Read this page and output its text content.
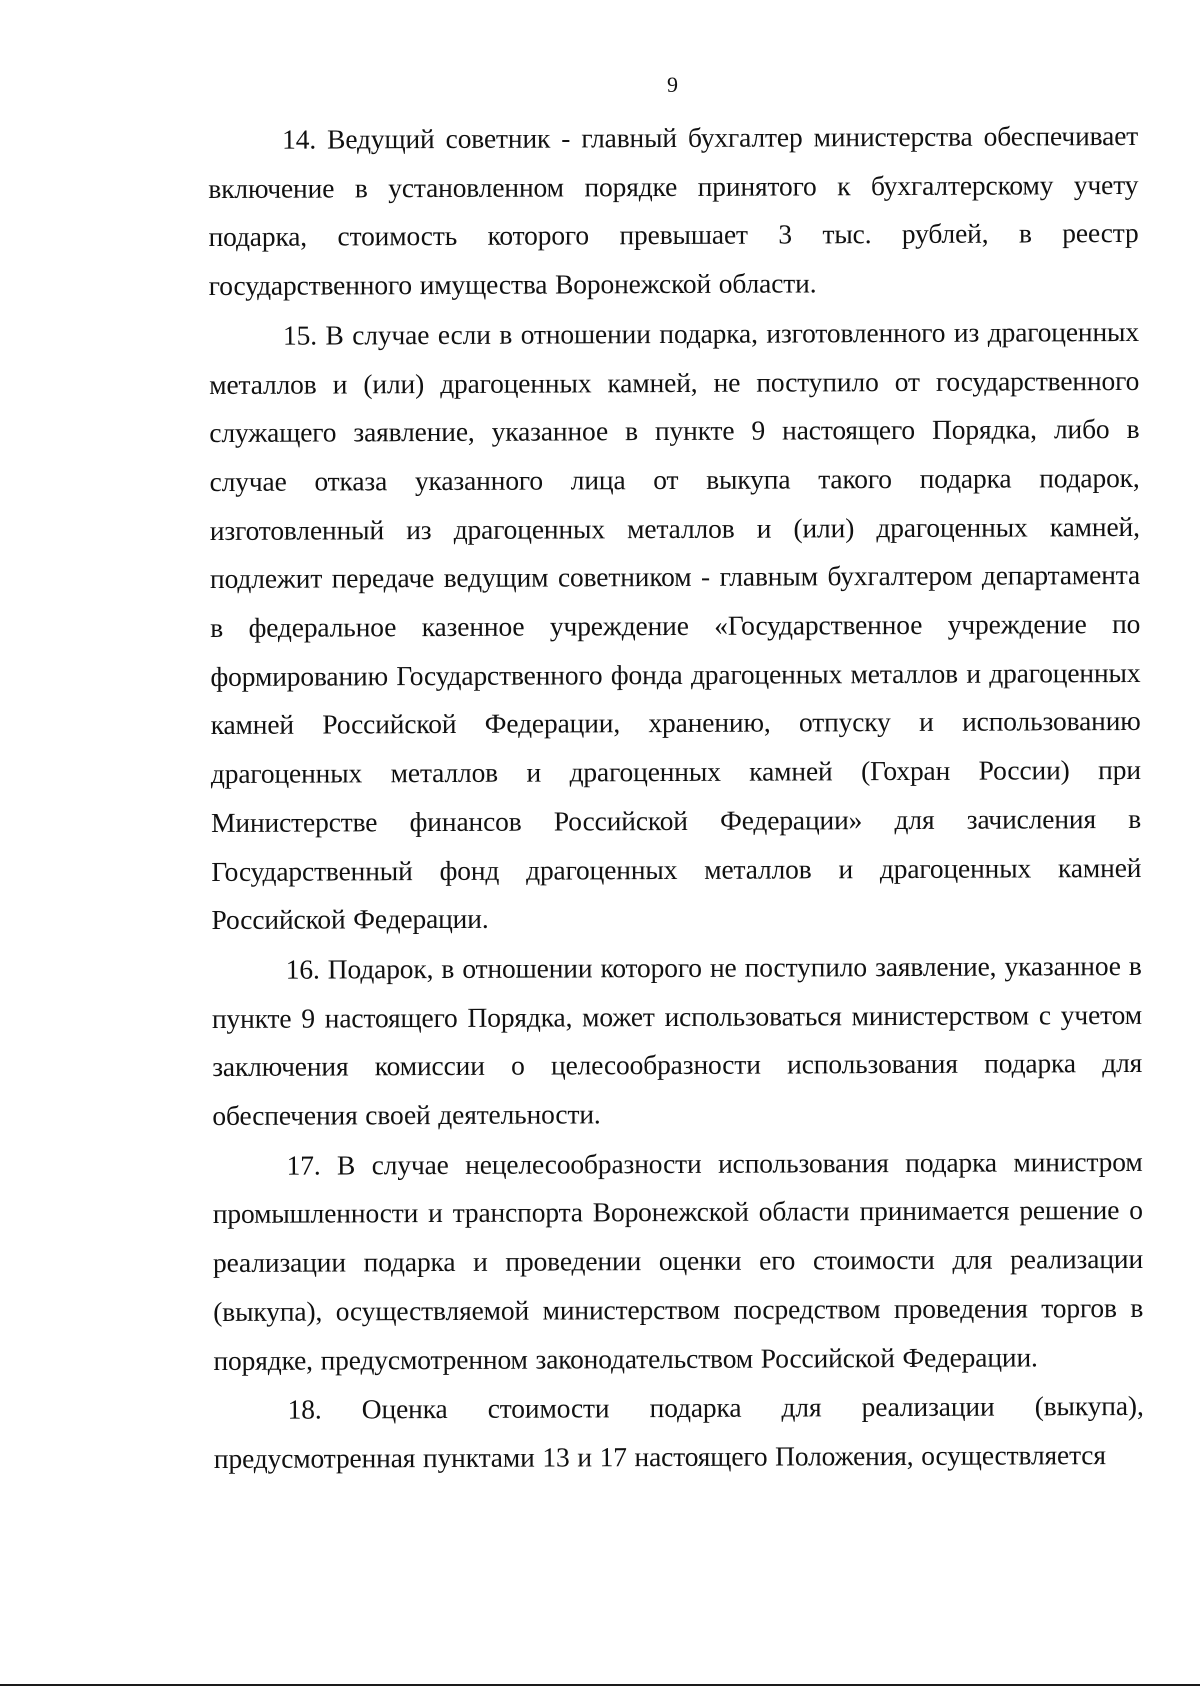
9

14. Ведущий советник - главный бухгалтер министерства обеспечивает включение в установленном порядке принятого к бухгалтерскому учету подарка, стоимость которого превышает 3 тыс. рублей, в реестр государственного имущества Воронежской области.

15. В случае если в отношении подарка, изготовленного из драгоценных металлов и (или) драгоценных камней, не поступило от государственного служащего заявление, указанное в пункте 9 настоящего Порядка, либо в случае отказа указанного лица от выкупа такого подарка подарок, изготовленный из драгоценных металлов и (или) драгоценных камней, подлежит передаче ведущим советником - главным бухгалтером департамента в федеральное казенное учреждение «Государственное учреждение по формированию Государственного фонда драгоценных металлов и драгоценных камней Российской Федерации, хранению, отпуску и использованию драгоценных металлов и драгоценных камней (Гохран России) при Министерстве финансов Российской Федерации» для зачисления в Государственный фонд драгоценных металлов и драгоценных камней Российской Федерации.

16. Подарок, в отношении которого не поступило заявление, указанное в пункте 9 настоящего Порядка, может использоваться министерством с учетом заключения комиссии о целесообразности использования подарка для обеспечения своей деятельности.

17. В случае нецелесообразности использования подарка министром промышленности и транспорта Воронежской области принимается решение о реализации подарка и проведении оценки его стоимости для реализации (выкупа), осуществляемой министерством посредством проведения торгов в порядке, предусмотренном законодательством Российской Федерации.

18. Оценка стоимости подарка для реализации (выкупа), предусмотренная пунктами 13 и 17 настоящего Положения, осуществляется
